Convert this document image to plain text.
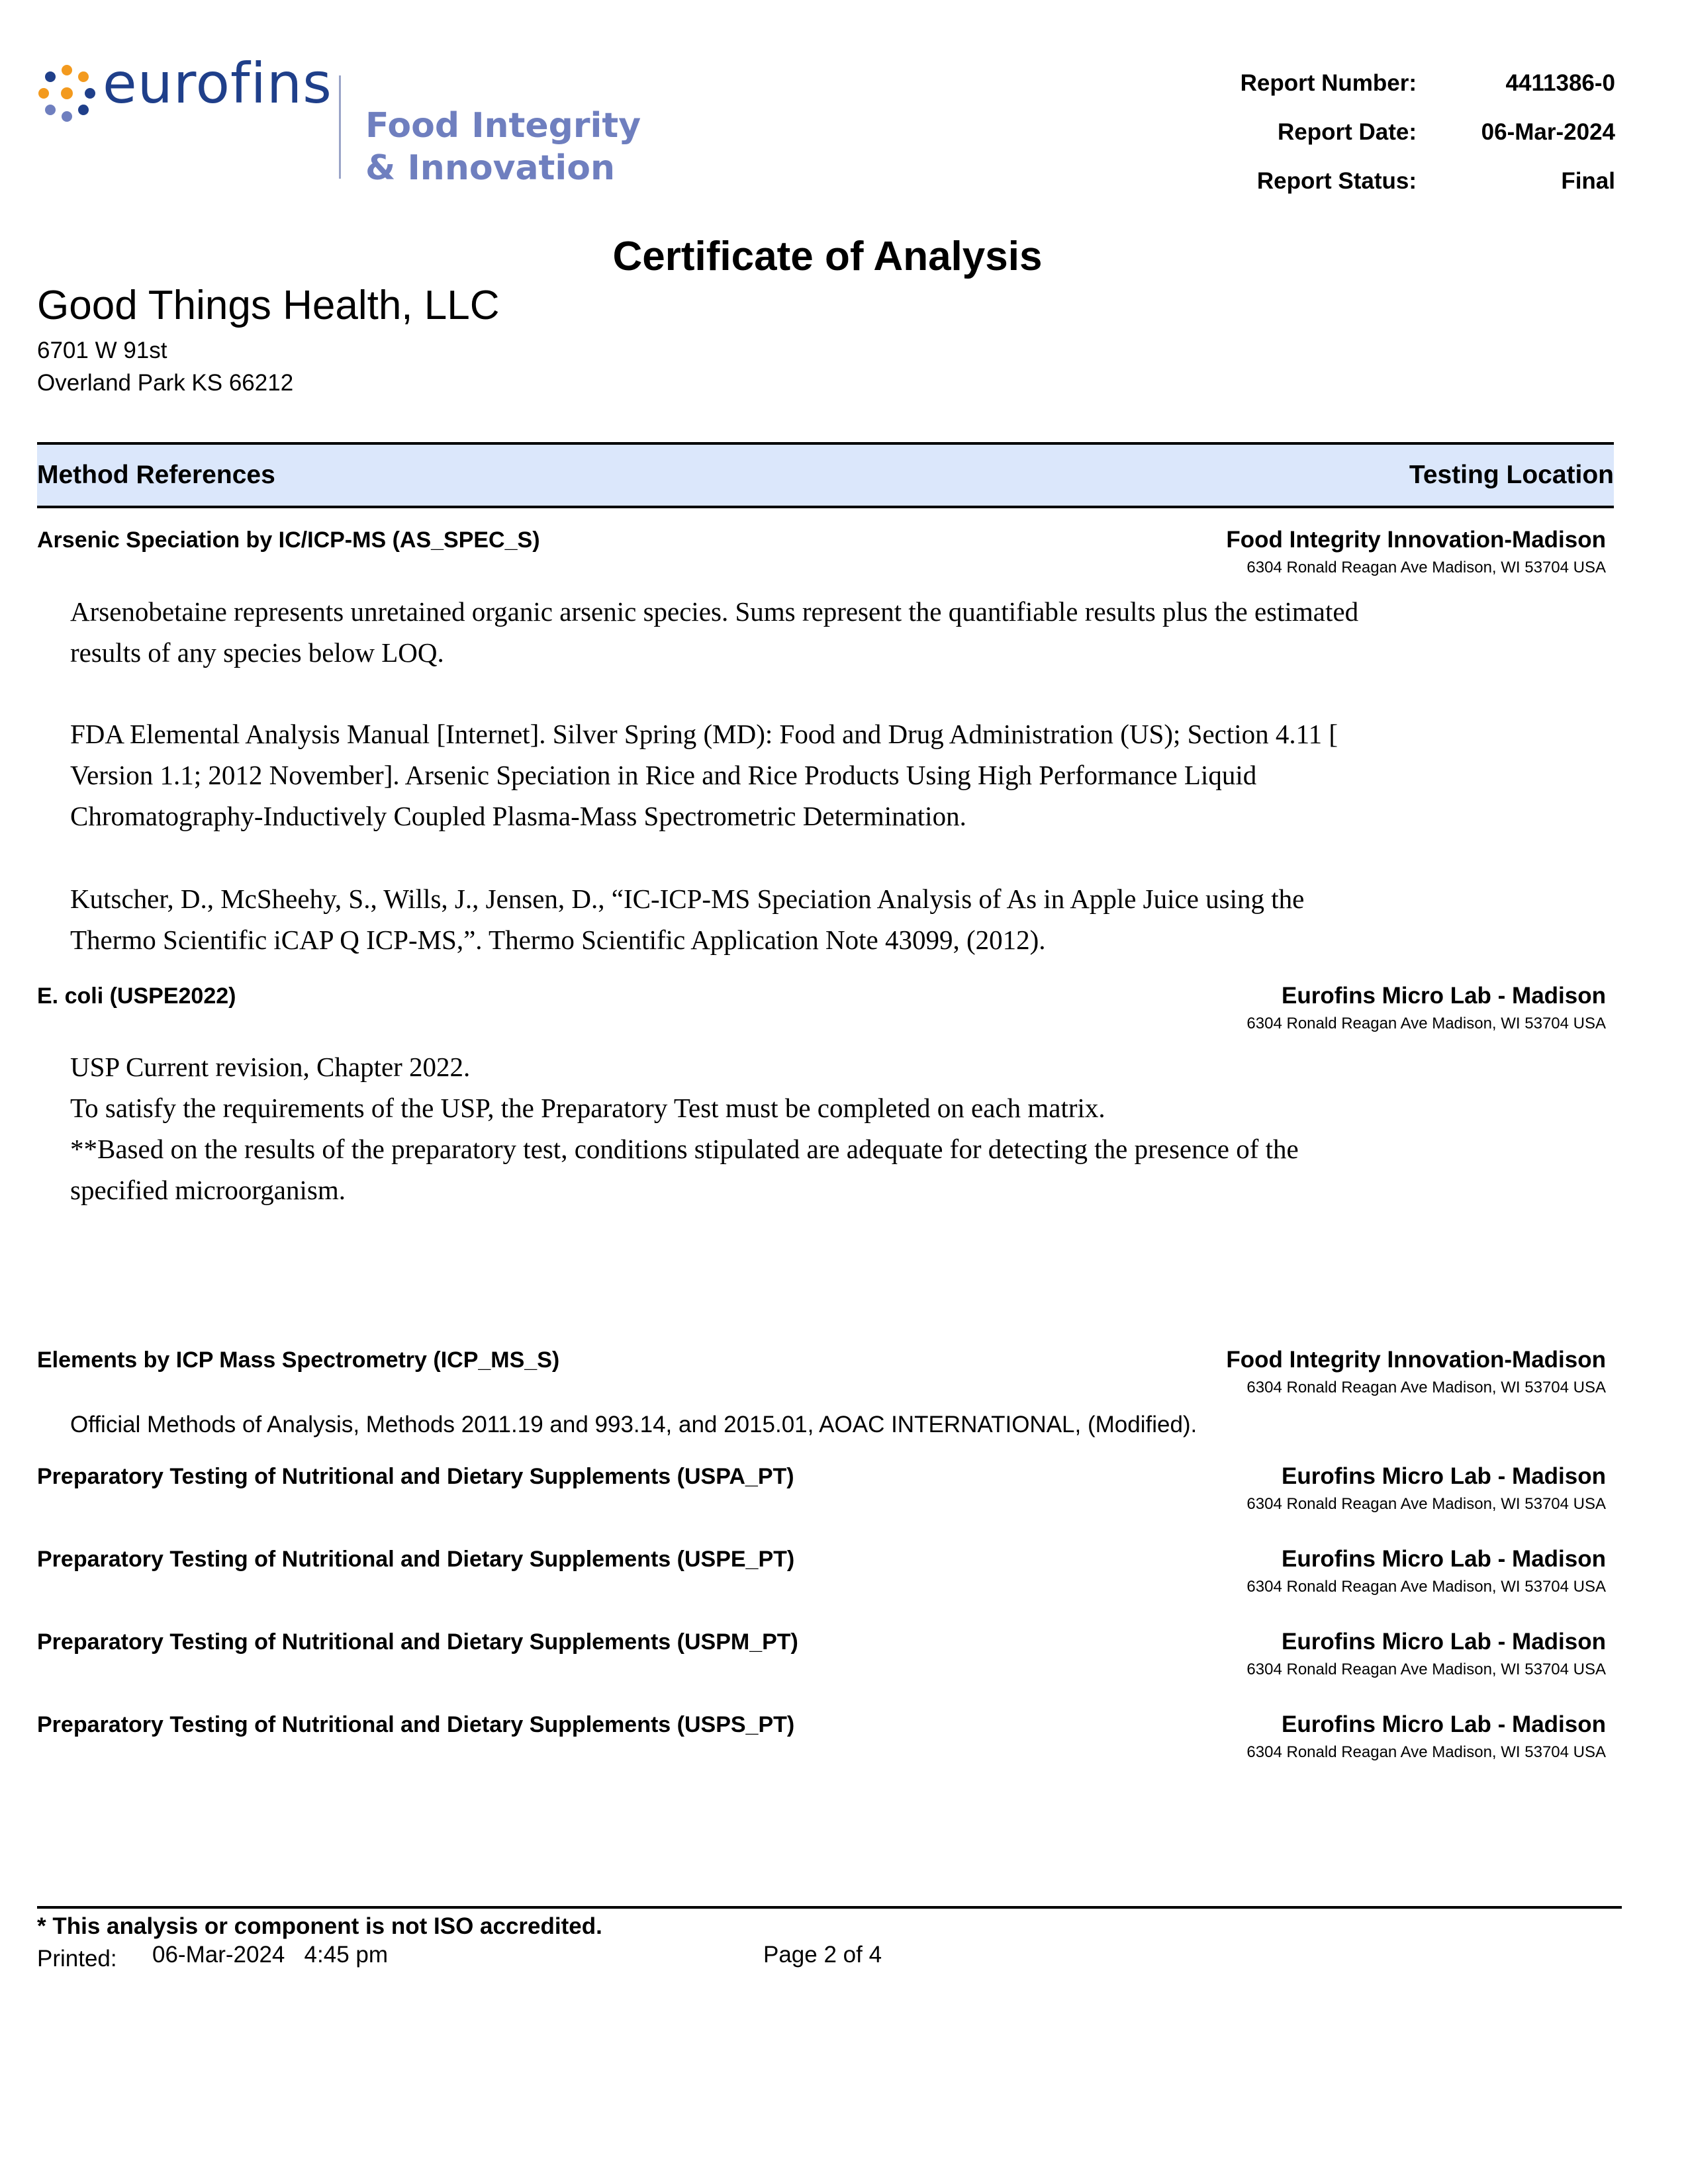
eurofins
Food Integrity
& Innovation
Report Number:	4411386-0
Report Date:	06-Mar-2024
Report Status:	Final
Certificate of Analysis
Good Things Health, LLC
6701 W 91st
Overland Park KS 66212
Method References	Testing Location
Arsenic Speciation by IC/ICP-MS (AS_SPEC_S)	Food Integrity Innovation-Madison
6304 Ronald Reagan Ave Madison, WI 53704 USA
Arsenobetaine represents unretained organic arsenic species. Sums represent the quantifiable results plus the estimated
results of any species below LOQ.
FDA Elemental Analysis Manual [Internet]. Silver Spring (MD): Food and Drug Administration (US); Section 4.11 [
Version 1.1; 2012 November]. Arsenic Speciation in Rice and Rice Products Using High Performance Liquid
Chromatography-Inductively Coupled Plasma-Mass Spectrometric Determination.
Kutscher, D., McSheehy, S., Wills, J., Jensen, D., “IC-ICP-MS Speciation Analysis of As in Apple Juice using the
Thermo Scientific iCAP Q ICP-MS,”. Thermo Scientific Application Note 43099, (2012).
E. coli (USPE2022)	Eurofins Micro Lab - Madison
6304 Ronald Reagan Ave Madison, WI 53704 USA
USP Current revision, Chapter 2022.
To satisfy the requirements of the USP, the Preparatory Test must be completed on each matrix.
**Based on the results of the preparatory test, conditions stipulated are adequate for detecting the presence of the
specified microorganism.
Elements by ICP Mass Spectrometry (ICP_MS_S)	Food Integrity Innovation-Madison
6304 Ronald Reagan Ave Madison, WI 53704 USA
Official Methods of Analysis, Methods 2011.19 and 993.14, and 2015.01, AOAC INTERNATIONAL, (Modified).
Preparatory Testing of Nutritional and Dietary Supplements (USPA_PT)	Eurofins Micro Lab - Madison
6304 Ronald Reagan Ave Madison, WI 53704 USA
Preparatory Testing of Nutritional and Dietary Supplements (USPE_PT)	Eurofins Micro Lab - Madison
6304 Ronald Reagan Ave Madison, WI 53704 USA
Preparatory Testing of Nutritional and Dietary Supplements (USPM_PT)	Eurofins Micro Lab - Madison
6304 Ronald Reagan Ave Madison, WI 53704 USA
Preparatory Testing of Nutritional and Dietary Supplements (USPS_PT)	Eurofins Micro Lab - Madison
6304 Ronald Reagan Ave Madison, WI 53704 USA
* This analysis or component is not ISO accredited.
Printed: 06-Mar-2024   4:45 pm	Page 2 of 4
